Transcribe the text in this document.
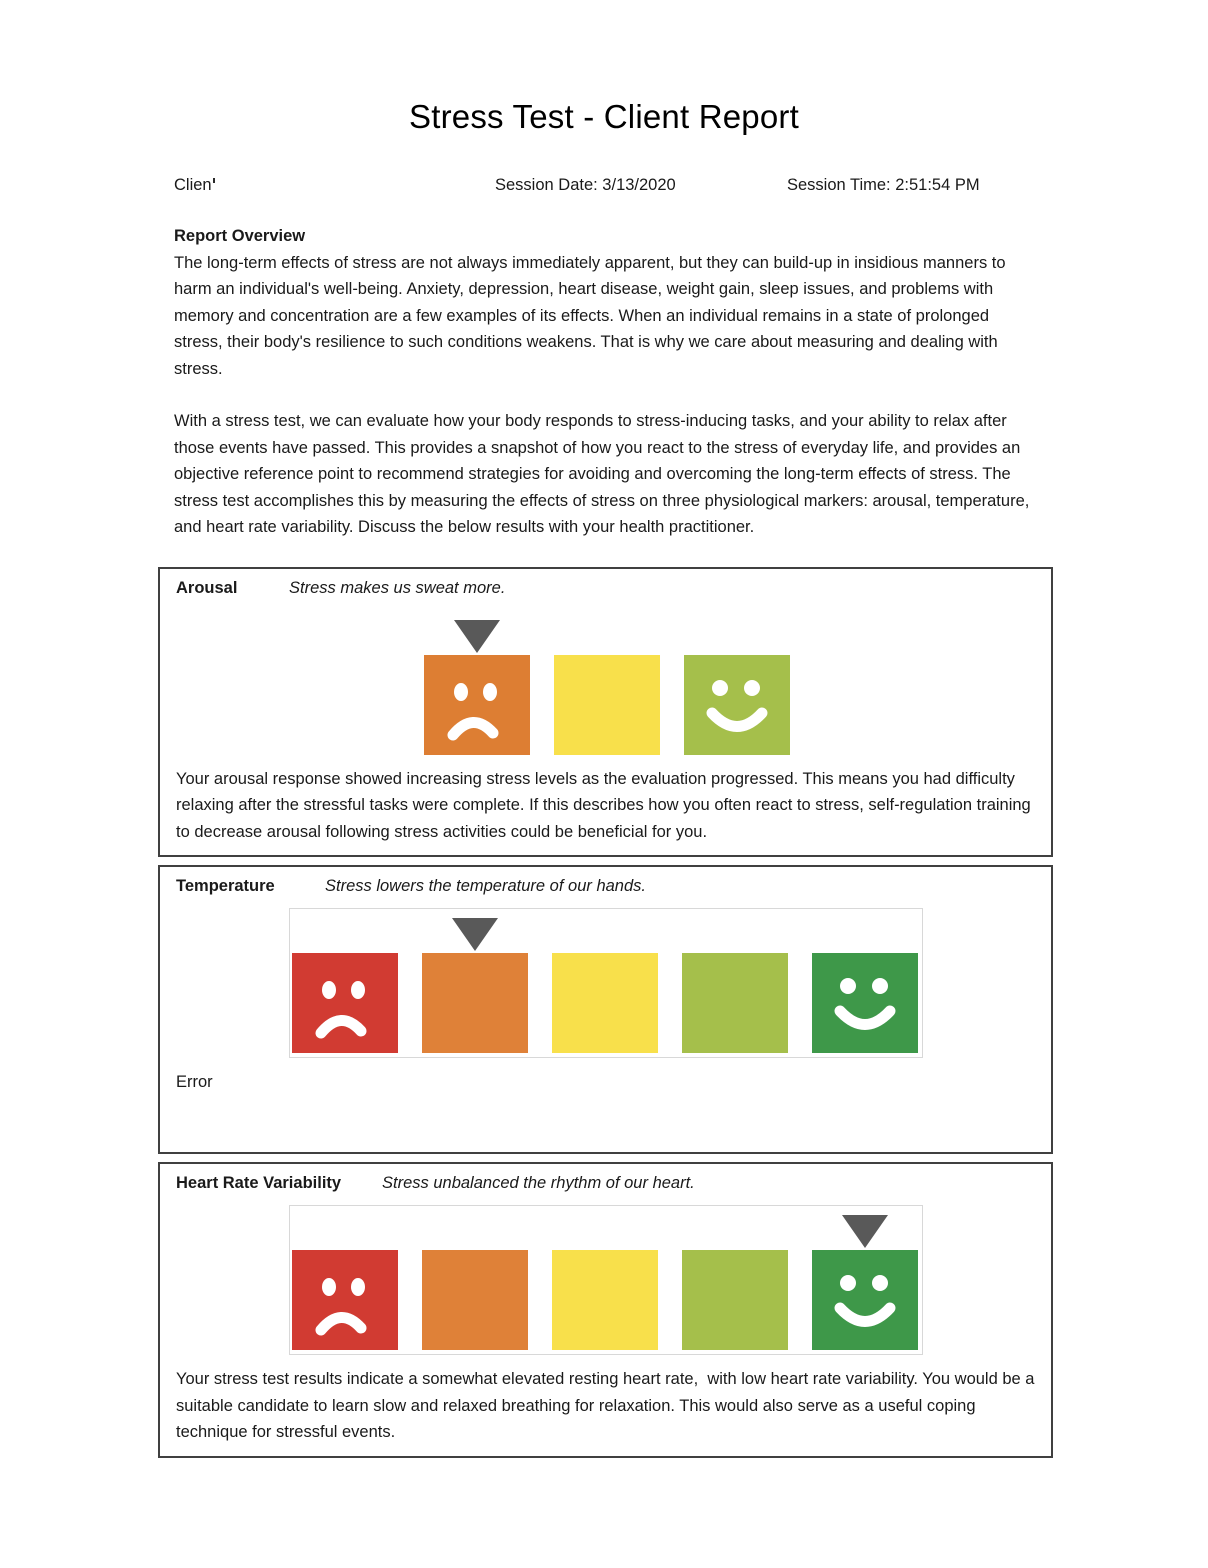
Stress Test - Client Report
Clien	Session Date: 3/13/2020	Session Time: 2:51:54 PM
Report Overview

The long-term effects of stress are not always immediately apparent, but they can build-up in insidious manners to harm an individual's well-being. Anxiety, depression, heart disease, weight gain, sleep issues, and problems with memory and concentration are a few examples of its effects. When an individual remains in a state of prolonged stress, their body's resilience to such conditions weakens. That is why we care about measuring and dealing with stress.

With a stress test, we can evaluate how your body responds to stress-inducing tasks, and your ability to relax after those events have passed. This provides a snapshot of how you react to the stress of everyday life, and provides an objective reference point to recommend strategies for avoiding and overcoming the long-term effects of stress. The stress test accomplishes this by measuring the effects of stress on three physiological markers: arousal, temperature, and heart rate variability. Discuss the below results with your health practitioner.

Arousal	Stress makes us sweat more.
Your arousal response showed increasing stress levels as the evaluation progressed. This means you had difficulty relaxing after the stressful tasks were complete. If this describes how you often react to stress, self-regulation training to decrease arousal following stress activities could be beneficial for you.
Temperature	Stress lowers the temperature of our hands.
Error
Heart Rate Variability Stress unbalanced the rhythm of our heart.
Your stress test results indicate a somewhat elevated resting heart rate,  with low heart rate variability. You would be a suitable candidate to learn slow and relaxed breathing for relaxation. This would also serve as a useful coping technique for stressful events.
